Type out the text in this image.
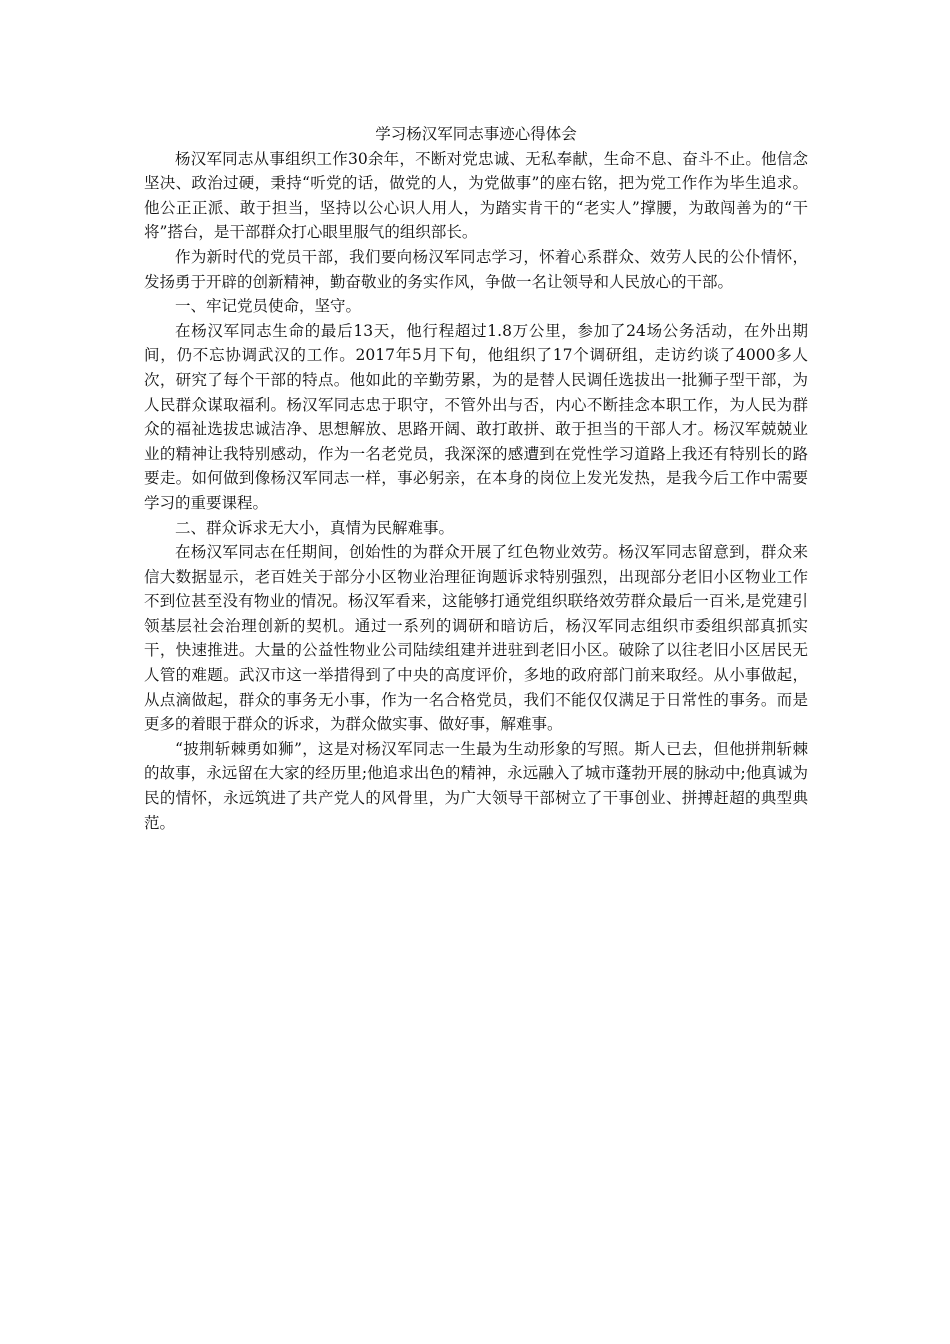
学习杨汉军同志事迹心得体会

杨汉军同志从事组织工作30余年，不断对党忠诚、无私奉献，生命不息、奋斗不止。他信念坚决、政治过硬，秉持“听党的话，做党的人，为党做事”的座右铭，把为党工作作为毕生追求。他公正正派、敢于担当，坚持以公心识人用人，为踏实肯干的“老实人”撑腰，为敢闯善为的“干将”搭台，是干部群众打心眼里服气的组织部长。

作为新时代的党员干部，我们要向杨汉军同志学习，怀着心系群众、效劳人民的公仆情怀，发扬勇于开辟的创新精神，勤奋敬业的务实作风，争做一名让领导和人民放心的干部。

一、牢记党员使命，坚守。

在杨汉军同志生命的最后13天，他行程超过1.8万公里，参加了24场公务活动，在外出期间，仍不忘协调武汉的工作。2017年5月下旬，他组织了17个调研组，走访约谈了4000多人次，研究了每个干部的特点。他如此的辛勤劳累，为的是替人民调任选拔出一批狮子型干部，为人民群众谋取福利。杨汉军同志忠于职守，不管外出与否，内心不断挂念本职工作，为人民为群众的福祉选拔忠诚洁净、思想解放、思路开阔、敢打敢拼、敢于担当的干部人才。杨汉军兢兢业业的精神让我特别感动，作为一名老党员，我深深的感遭到在党性学习道路上我还有特别长的路要走。如何做到像杨汉军同志一样，事必躬亲，在本身的岗位上发光发热，是我今后工作中需要学习的重要课程。

二、群众诉求无大小，真情为民解难事。

在杨汉军同志在任期间，创始性的为群众开展了红色物业效劳。杨汉军同志留意到，群众来信大数据显示，老百姓关于部分小区物业治理征询题诉求特别强烈，出现部分老旧小区物业工作不到位甚至没有物业的情况。杨汉军看来，这能够打通党组织联络效劳群众最后一百米,是党建引领基层社会治理创新的契机。通过一系列的调研和暗访后，杨汉军同志组织市委组织部真抓实干，快速推进。大量的公益性物业公司陆续组建并进驻到老旧小区。破除了以往老旧小区居民无人管的难题。武汉市这一举措得到了中央的高度评价，多地的政府部门前来取经。从小事做起，从点滴做起，群众的事务无小事，作为一名合格党员，我们不能仅仅满足于日常性的事务。而是更多的着眼于群众的诉求，为群众做实事、做好事，解难事。

“披荆斩棘勇如狮”，这是对杨汉军同志一生最为生动形象的写照。斯人已去，但他拼荆斩棘的故事，永远留在大家的经历里;他追求出色的精神，永远融入了城市蓬勃开展的脉动中;他真诚为民的情怀，永远筑进了共产党人的风骨里，为广大领导干部树立了干事创业、拼搏赶超的典型典范。
